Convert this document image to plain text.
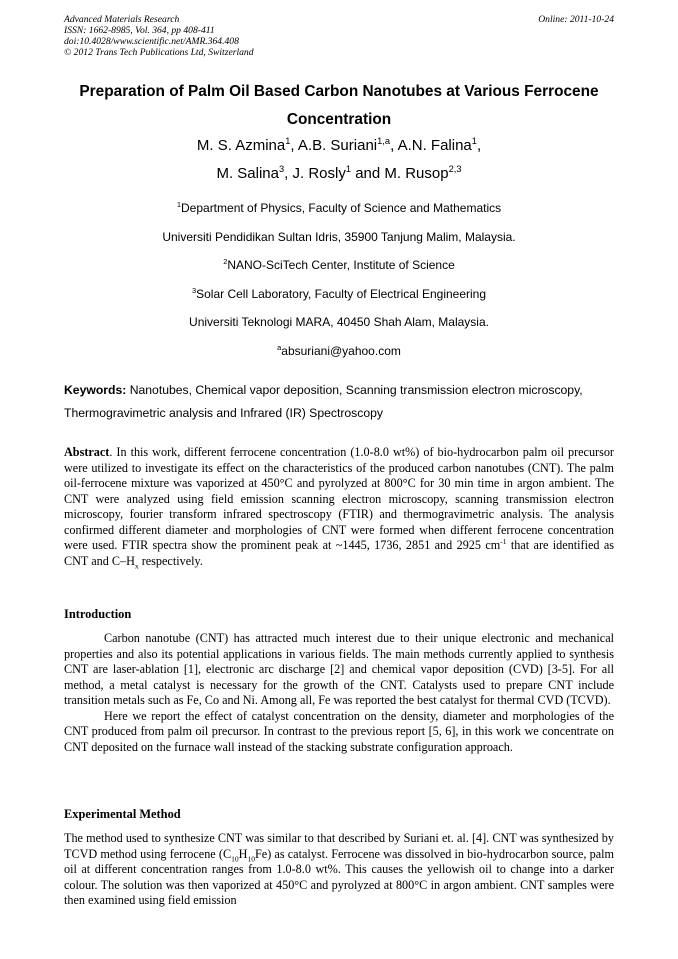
Advanced Materials Research
ISSN: 1662-8985, Vol. 364, pp 408-411
doi:10.4028/www.scientific.net/AMR.364.408
© 2012 Trans Tech Publications Ltd, Switzerland
Online: 2011-10-24
Preparation of Palm Oil Based Carbon Nanotubes at Various Ferrocene
Concentration
M. S. Azmina$^1$, A.B. Suriani$^{1,a}$, A.N. Falina$^1$,
M. Salina$^3$, J. Rosly$^1$ and M. Rusop$^{2,3}$
$^1$Department of Physics, Faculty of Science and Mathematics
Universiti Pendidikan Sultan Idris, 35900 Tanjung Malim, Malaysia.
$^2$NANO-SciTech Center, Institute of Science
$^3$Solar Cell Laboratory, Faculty of Electrical Engineering
Universiti Teknologi MARA, 40450 Shah Alam, Malaysia.
$^a$absuriani@yahoo.com
Keywords: Nanotubes, Chemical vapor deposition, Scanning transmission electron microscopy, Thermogravimetric analysis and Infrared (IR) Spectroscopy
Abstract. In this work, different ferrocene concentration (1.0-8.0 wt%) of bio-hydrocarbon palm oil precursor were utilized to investigate its effect on the characteristics of the produced carbon nanotubes (CNT). The palm oil-ferrocene mixture was vaporized at 450°C and pyrolyzed at 800°C for 30 min time in argon ambient. The CNT were analyzed using field emission scanning electron microscopy, scanning transmission electron microscopy, fourier transform infrared spectroscopy (FTIR) and thermogravimetric analysis. The analysis confirmed different diameter and morphologies of CNT were formed when different ferrocene concentration were used. FTIR spectra show the prominent peak at ~1445, 1736, 2851 and 2925 $cm^{-1}$ that are identified as CNT and $C-H_x$ respectively.
Introduction

Carbon nanotube (CNT) has attracted much interest due to their unique electronic and mechanical properties and also its potential applications in various fields. The main methods currently applied to synthesis CNT are laser-ablation [1], electronic arc discharge [2] and chemical vapor deposition (CVD) [3-5]. For all method, a metal catalyst is necessary for the growth of the CNT. Catalysts used to prepare CNT include transition metals such as Fe, Co and Ni. Among all, Fe was reported the best catalyst for thermal CVD (TCVD).

Here we report the effect of catalyst concentration on the density, diameter and morphologies of the CNT produced from palm oil precursor. In contrast to the previous report [5, 6], in this work we concentrate on CNT deposited on the furnace wall instead of the stacking substrate configuration approach.

Experimental Method
The method used to synthesize CNT was similar to that described by Suriani et. al. [4]. CNT was synthesized by TCVD method using ferrocene $(C_{10}H_{10}Fe)$ as catalyst. Ferrocene was dissolved in bio-hydrocarbon source, palm oil at different concentration ranges from 1.0-8.0 wt%. This causes the yellowish oil to change into a darker colour. The solution was then vaporized at 450°C and pyrolyzed at 800°C in argon ambient. CNT samples were then examined using field emission
